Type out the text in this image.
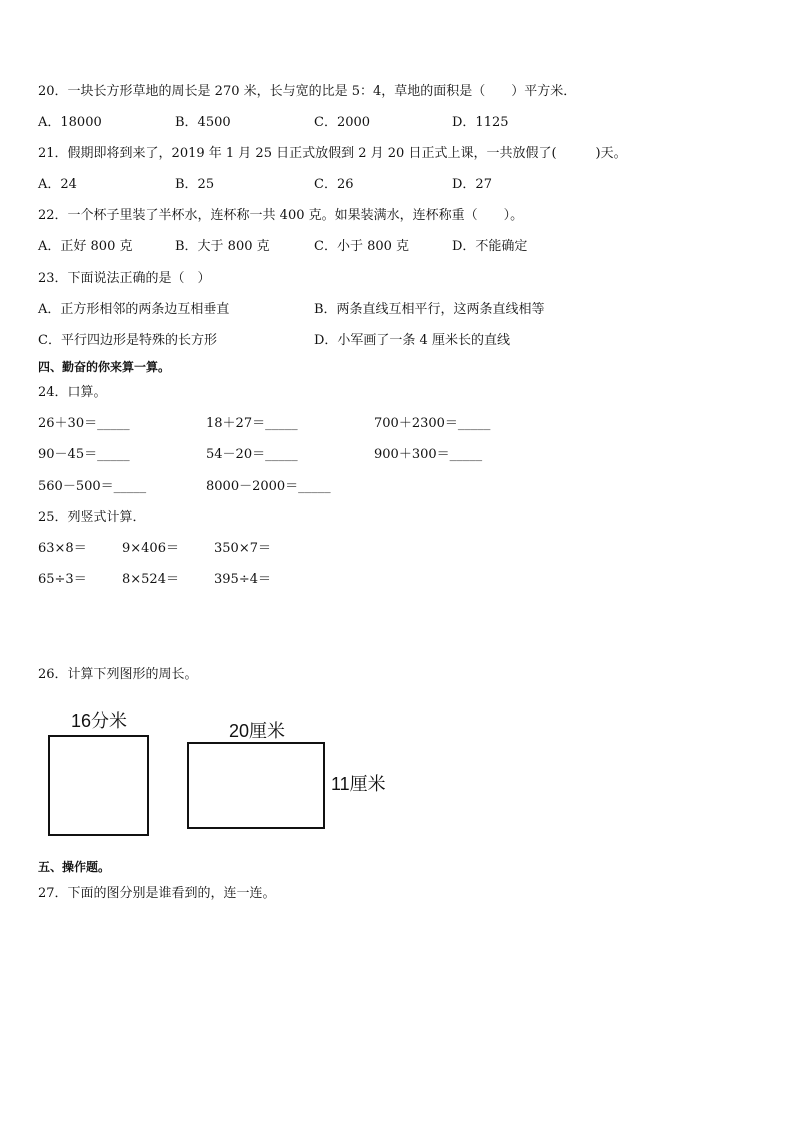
20．一块长方形草地的周长是 270 米，长与宽的比是 5：4，草地的面积是（　　）平方米．
A．18000	B．4500	C．2000	D．1125
21．假期即将到来了，2019 年 1 月 25 日正式放假到 2 月 20 日正式上课，一共放假了(　　　)天。
A．24	B．25	C．26	D．27
22．一个杯子里装了半杯水，连杯称一共 400 克。如果装满水，连杯称重（　　）。
A．正好 800 克	B．大于 800 克	C．小于 800 克	D．不能确定
23．下面说法正确的是（　）
A．正方形相邻的两条边互相垂直	B．两条直线互相平行，这两条直线相等
C．平行四边形是特殊的长方形	D．小军画了一条 4 厘米长的直线
四、勤奋的你来算一算。
24．口算。
26＋30＝_____	18＋27＝_____	700＋2300＝_____
90－45＝_____	54－20＝_____	900＋300＝_____
560－500＝_____	8000－2000＝_____
25．列竖式计算．
63×8＝	9×406＝	350×7＝
65÷3＝	8×524＝	395÷4＝
26．计算下列图形的周长。
16分米	20厘米
11厘米
五、操作题。
27．下面的图分别是谁看到的，连一连。
